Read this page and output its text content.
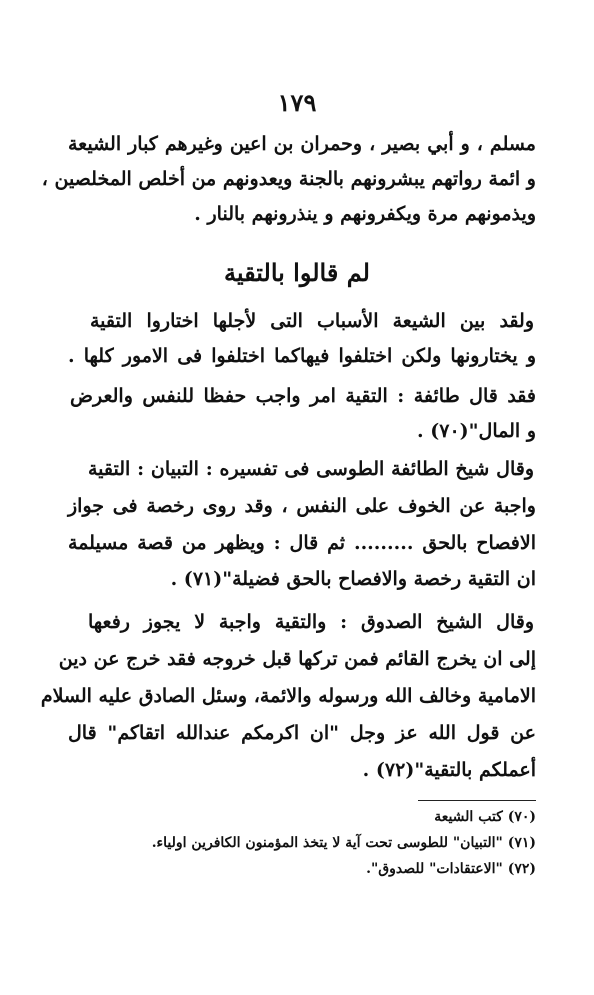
١٧٩
مسلم ، و أبي بصير ، وحمران بن اعين وغيرهم كبار الشيعة
و ائمة رواتهم يبشرونهم بالجنة ويعدونهم من أخلص المخلصين ،
ويذمونهم مرة ويكفرونهم و ينذرونهم بالنار .
لم قالوا بالتقية
ولقد بين الشيعة الأسباب التى لأجلها اختاروا التقية
و يختارونها ولكن اختلفوا فيهاكما اختلفوا فى الامور كلها .
فقد قال طائفة : التقية امر واجب حفظا للنفس والعرض
و المال"(٧٠) .
وقال شيخ الطائفة الطوسى فى تفسيره : التبيان : التقية
واجبة عن الخوف على النفس ، وقد روى رخصة فى جواز
الافصاح بالحق ......... ثم قال : ويظهر من قصة مسيلمة
ان التقية رخصة والافصاح بالحق فضيلة"(٧١) .
وقال الشيخ الصدوق : والتقية واجبة لا يجوز رفعها
إلى ان يخرج القائم فمن تركها قبل خروجه فقد خرج عن دين
الامامية وخالف الله ورسوله والائمة، وسئل الصادق عليه السلام
عن قول الله عز وجل "ان اكرمكم عندالله اتقاكم" قال
أعملكم بالتقية"(٧٢) .
(٧٠) كتب الشيعة
(٧١) "التبيان" للطوسى تحت آية لا يتخذ المؤمنون الكافرين اولياء.
(٧٢) "الاعتقادات" للصدوق".
